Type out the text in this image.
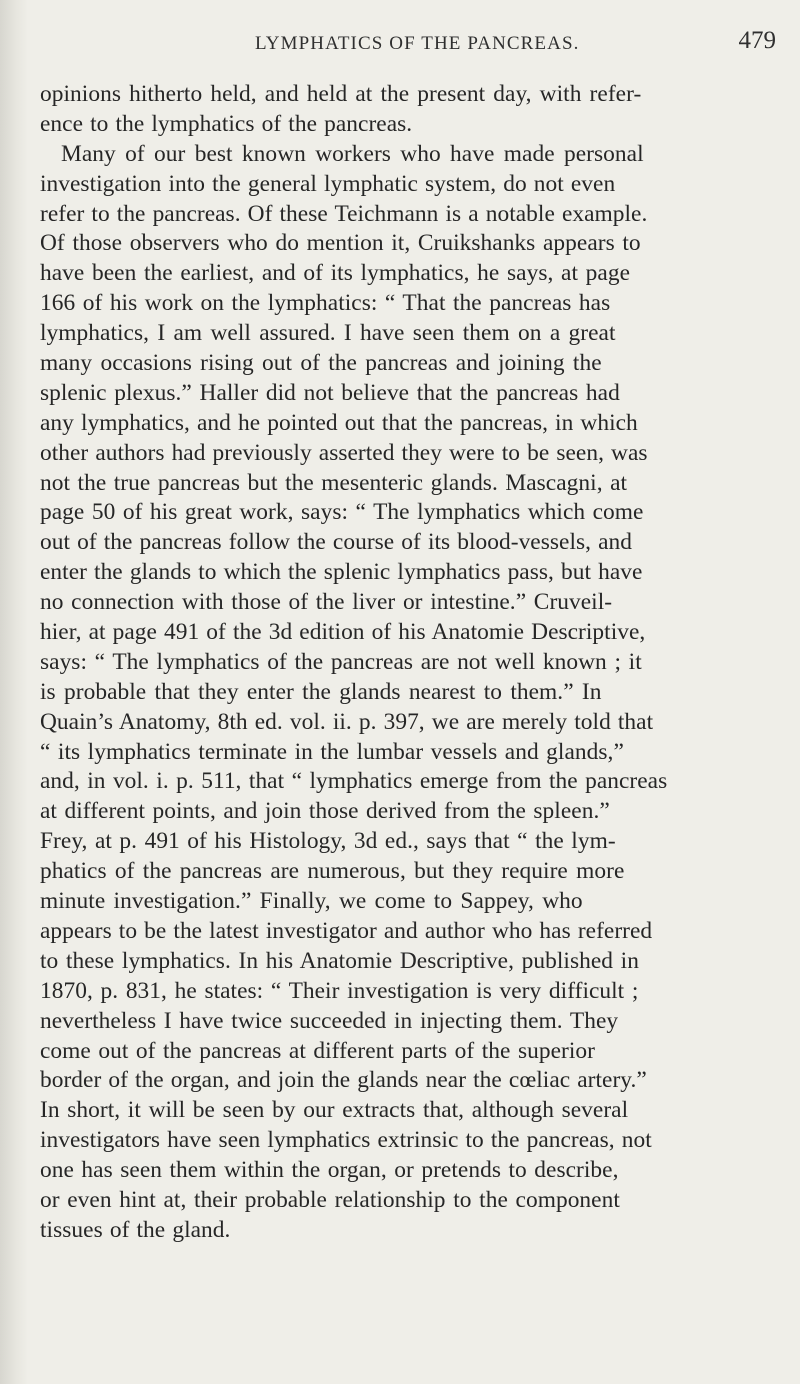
LYMPHATICS OF THE PANCREAS.	479
opinions hitherto held, and held at the present day, with refer-
ence to the lymphatics of the pancreas.
Many of our best known workers who have made personal
investigation into the general lymphatic system, do not even
refer to the pancreas. Of these Teichmann is a notable example.
Of those observers who do mention it, Cruikshanks appears to
have been the earliest, and of its lymphatics, he says, at page
166 of his work on the lymphatics: “ That the pancreas has
lymphatics, I am well assured. I have seen them on a great
many occasions rising out of the pancreas and joining the
splenic plexus.” Haller did not believe that the pancreas had
any lymphatics, and he pointed out that the pancreas, in which
other authors had previously asserted they were to be seen, was
not the true pancreas but the mesenteric glands. Mascagni, at
page 50 of his great work, says: “ The lymphatics which come
out of the pancreas follow the course of its blood-vessels, and
enter the glands to which the splenic lymphatics pass, but have
no connection with those of the liver or intestine.” Cruveil-
hier, at page 491 of the 3d edition of his Anatomie Descriptive,
says: “ The lymphatics of the pancreas are not well known ; it
is probable that they enter the glands nearest to them.” In
Quain’s Anatomy, 8th ed. vol. ii. p. 397, we are merely told that
“ its lymphatics terminate in the lumbar vessels and glands,”
and, in vol. i. p. 511, that “ lymphatics emerge from the pancreas
at different points, and join those derived from the spleen.”
Frey, at p. 491 of his Histology, 3d ed., says that “ the lym-
phatics of the pancreas are numerous, but they require more
minute investigation.” Finally, we come to Sappey, who
appears to be the latest investigator and author who has referred
to these lymphatics. In his Anatomie Descriptive, published in
1870, p. 831, he states: “ Their investigation is very difficult ;
nevertheless I have twice succeeded in injecting them. They
come out of the pancreas at different parts of the superior
border of the organ, and join the glands near the cœliac artery.”
In short, it will be seen by our extracts that, although several
investigators have seen lymphatics extrinsic to the pancreas, not
one has seen them within the organ, or pretends to describe,
or even hint at, their probable relationship to the component
tissues of the gland.
